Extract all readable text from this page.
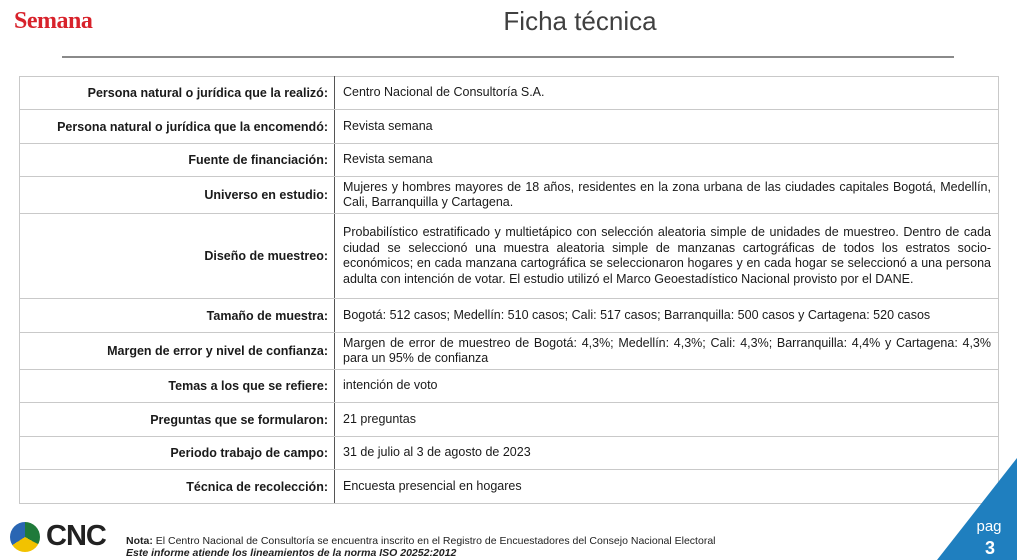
Semana	Ficha técnica
Persona natural o jurídica que la realizó:	Centro Nacional de Consultoría S.A.
Persona natural o jurídica que la encomendó:	Revista semana
Fuente de financiación:	Revista semana
Universo en estudio:	Mujeres y hombres mayores de 18 años, residentes en la zona urbana de las ciudades capitales Bogotá, Medellín, Cali, Barranquilla y Cartagena.
Diseño de muestreo:	Probabilístico estratificado y multietápico con selección aleatoria simple de unidades de muestreo. Dentro de cada ciudad se seleccionó una muestra aleatoria simple de manzanas cartográficas de todos los estratos socio-económicos; en cada manzana cartográfica se seleccionaron hogares y en cada hogar se seleccionó a una persona adulta con intención de votar. El estudio utilizó el Marco Geoestadístico Nacional provisto por el DANE.
Tamaño de muestra:	Bogotá: 512 casos; Medellín: 510 casos; Cali: 517 casos; Barranquilla: 500 casos y Cartagena: 520 casos
Margen de error y nivel de confianza:	Margen de error de muestreo de Bogotá: 4,3%; Medellín: 4,3%; Cali: 4,3%; Barranquilla: 4,4% y Cartagena: 4,3% para un 95% de confianza
Temas a los que se refiere:	intención de voto
Preguntas que se formularon:	21 preguntas
Periodo trabajo de campo:	31 de julio al 3 de agosto de 2023
Técnica de recolección:	Encuesta presencial en hogares
CNC Nota: El Centro Nacional de Consultoría se encuentra inscrito en el Registro de Encuestadores del Consejo Nacional Electoral
Este informe atiende los lineamientos de la norma ISO 20252:2012
pag
3
